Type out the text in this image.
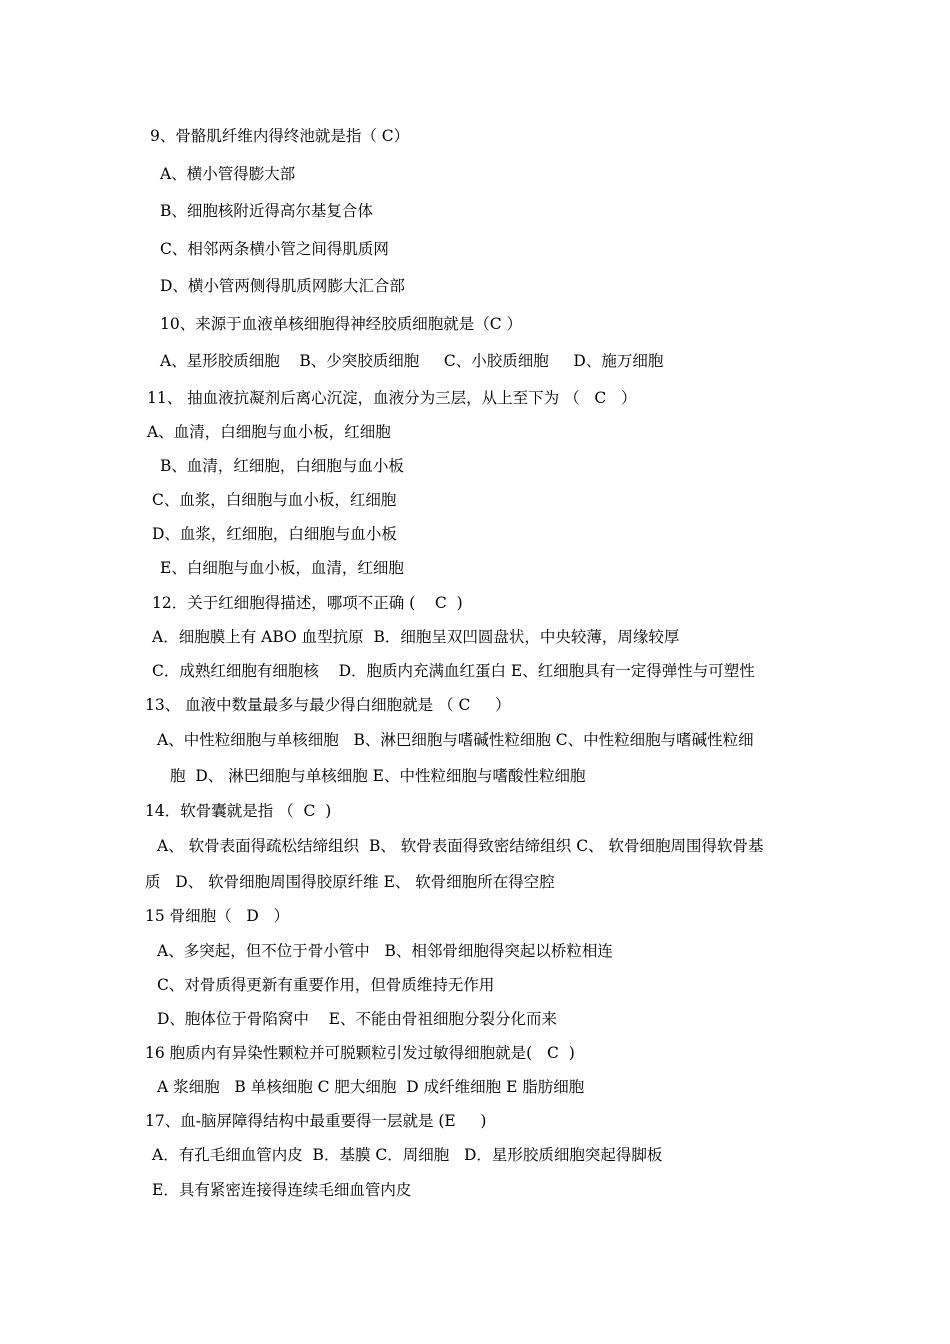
9、骨骼肌纤维内得终池就是指（ C）
A、横小管得膨大部
B、细胞核附近得高尔基复合体
C、相邻两条横小管之间得肌质网
D、横小管两侧得肌质网膨大汇合部
10、来源于血液单核细胞得神经胶质细胞就是（C ）
A、星形胶质细胞    B、少突胶质细胞     C、小胶质细胞     D、施万细胞
11、 抽血液抗凝剂后离心沉淀，血液分为三层，从上至下为 （   C   ）
A、血清，白细胞与血小板，红细胞
B、血清，红细胞，白细胞与血小板
C、血浆，白细胞与血小板，红细胞
D、血浆，红细胞，白细胞与血小板
E、白细胞与血小板，血清，红细胞
12．关于红细胞得描述，哪项不正确 (    C  )
A．细胞膜上有 ABO 血型抗原  B．细胞呈双凹圆盘状，中央较薄，周缘较厚
C．成熟红细胞有细胞核    D．胞质内充满血红蛋白 E、红细胞具有一定得弹性与可塑性
13、 血液中数量最多与最少得白细胞就是 （ C     ）
A、中性粒细胞与单核细胞   B、淋巴细胞与嗜碱性粒细胞 C、中性粒细胞与嗜碱性粒细
胞  D、 淋巴细胞与单核细胞 E、中性粒细胞与嗜酸性粒细胞
14．软骨囊就是指 （  C  )
A、 软骨表面得疏松结缔组织  B、 软骨表面得致密结缔组织 C、 软骨细胞周围得软骨基
质   D、 软骨细胞周围得胶原纤维 E、 软骨细胞所在得空腔
15 骨细胞（   D   ）
A、多突起，但不位于骨小管中   B、相邻骨细胞得突起以桥粒相连
C、对骨质得更新有重要作用，但骨质维持无作用
D、胞体位于骨陷窝中    E、不能由骨祖细胞分裂分化而来
16 胞质内有异染性颗粒并可脱颗粒引发过敏得细胞就是(   C  )
A 浆细胞   B 单核细胞 C 肥大细胞  D 成纤维细胞 E 脂肪细胞
17、血-脑屏障得结构中最重要得一层就是 (E     )
A．有孔毛细血管内皮  B．基膜 C．周细胞   D．星形胶质细胞突起得脚板
E．具有紧密连接得连续毛细血管内皮
